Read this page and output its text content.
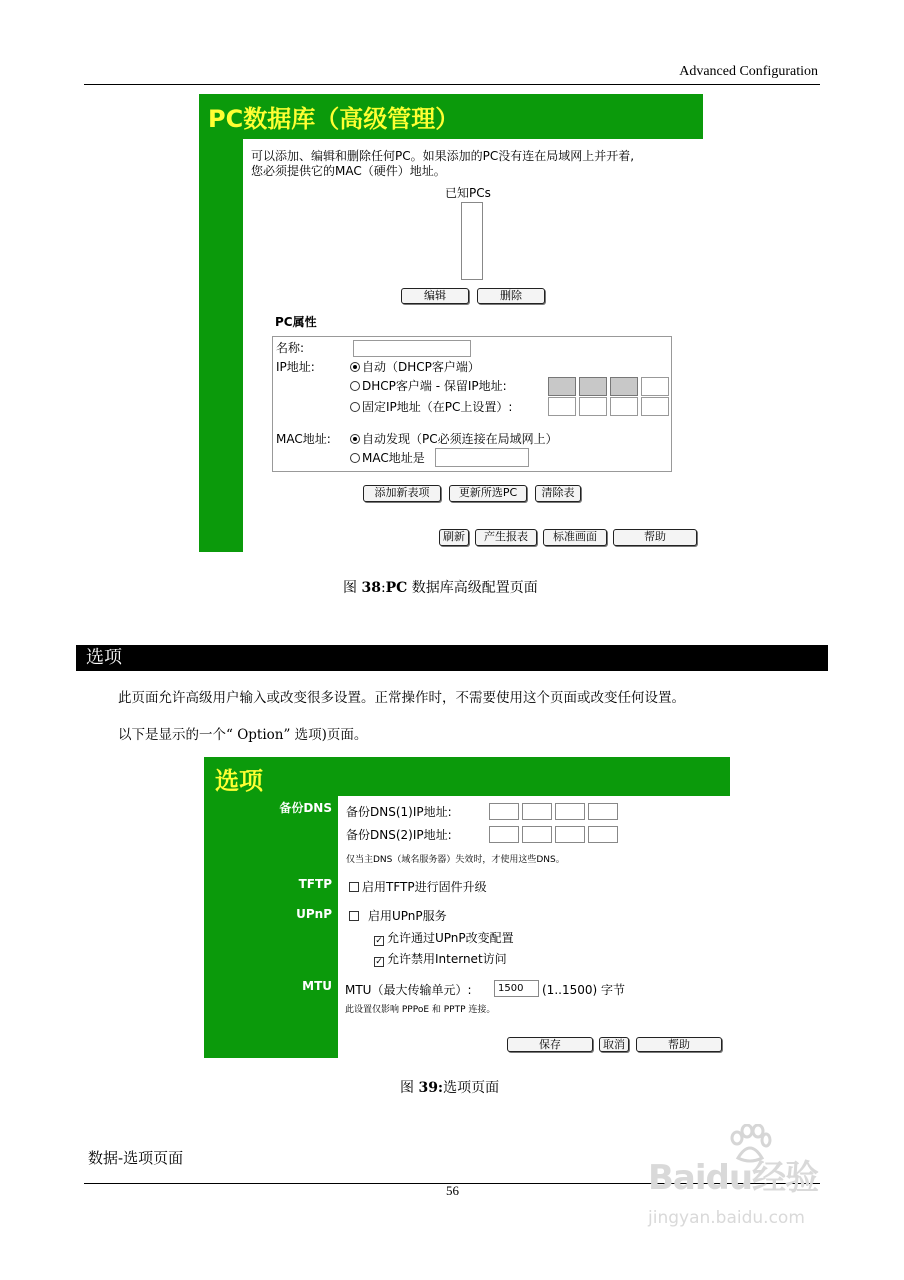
Advanced Configuration
PC数据库（高级管理）
可以添加、编辑和删除任何PC。如果添加的PC没有连在局域网上并开着,
您必须提供它的MAC（硬件）地址。
已知PCs
编辑	删除
PC属性
名称:
IP地址:	自动（DHCP客户端）
DHCP客户端 - 保留IP地址:
固定IP地址（在PC上设置）:
MAC地址:	自动发现（PC必须连接在局域网上）
MAC地址是
添加新表项	更新所选PC	清除表
刷新	产生报表	标准画面	帮助
图 38:PC 数据库高级配置页面
选项
此页面允许高级用户输入或改变很多设置。正常操作时，不需要使用这个页面或改变任何设置。
以下是显示的一个“ Option” 选项)页面。
选项
备份DNS 备份DNS(1)IP地址:
备份DNS(2)IP地址:
仅当主DNS（域名服务器）失效时，才使用这些DNS。
TFTP	启用TFTP进行固件升级
UPnP	启用UPnP服务
✓ 允许通过UPnP改变配置
✓ 允许禁用Internet访问
MTU MTU（最大传输单元）:	1500	(1..1500) 字节
此设置仅影响 PPPoE 和 PPTP 连接。
保存	取消	帮助
图 39:选项页面
数据-选项页面
56	Baidu经验
jingyan.baidu.com
